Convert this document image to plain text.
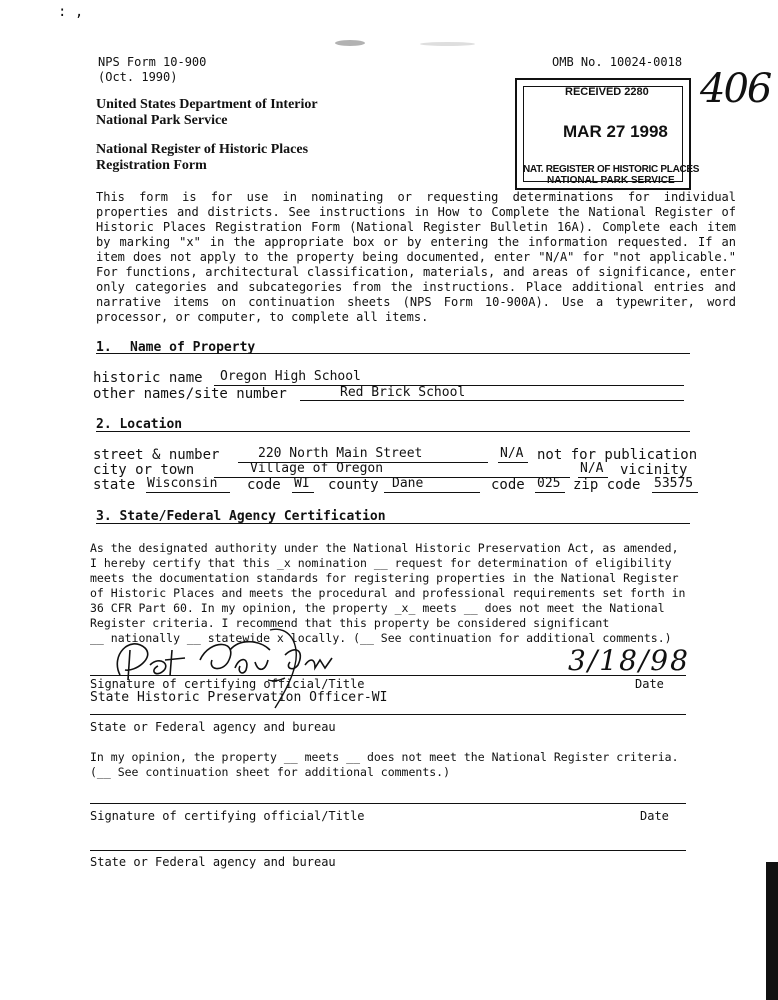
: ,
NPS Form 10-900
(Oct. 1990)
OMB No. 10024-0018
United States Department of Interior
National Park Service
National Register of Historic Places
Registration Form
406
RECEIVED 2280
MAR 27 1998
NAT. REGISTER OF HISTORIC PLACES
NATIONAL PARK SERVICE
This form is for use in nominating or requesting determinations for individual properties and districts. See instructions in How to Complete the National Register of Historic Places Registration Form (National Register Bulletin 16A). Complete each item by marking "x" in the appropriate box or by entering the information requested. If an item does not apply to the property being documented, enter "N/A" for "not applicable." For functions, architectural classification, materials, and areas of significance, enter only categories and subcategories from the instructions. Place additional entries and narrative items on continuation sheets (NPS Form 10-900A). Use a typewriter, word processor, or computer, to complete all items.
1. Name of Property
historic name Oregon High School
other names/site number	Red Brick School
2. Location
street & number	220 North Main Street	N/A not for publication
city or town	Village of Oregon	N/A vicinity
state Wisconsin code WI county Dane	code 025 zip code 53575
3. State/Federal Agency Certification
As the designated authority under the National Historic Preservation Act, as amended,
I hereby certify that this _x nomination __ request for determination of eligibility
meets the documentation standards for registering properties in the National Register
of Historic Places and meets the procedural and professional requirements set forth in
36 CFR Part 60. In my opinion, the property _x_ meets __ does not meet the National
Register criteria. I recommend that this property be considered significant
__ nationally __ statewide x locally. (__ See continuation for additional comments.)
3/18/98
Signature of certifying official/Title	Date
State Historic Preservation Officer-WI
State or Federal agency and bureau
In my opinion, the property __ meets __ does not meet the National Register criteria.
(__ See continuation sheet for additional comments.)
Signature of certifying official/Title	Date
State or Federal agency and bureau
